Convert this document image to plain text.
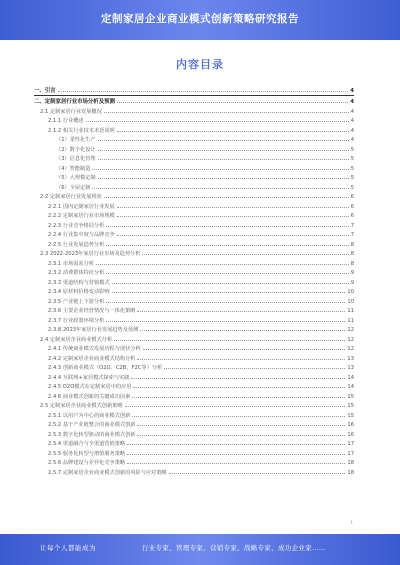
定制家居企业商业模式创新策略研究报告
内容目录
一、引言	4
二、定制家居行业市场分析及预测	4
2.1 定制家居行业发展概况	4
2.1.1 行业概述	4
2.1.2 相关行业技术术语说明	4
（1）柔性化生产	4
（2）数字化设计	5
（3）信息化管理	5
（4）智能制造	5
（5）大规模定制	5
（6）全屋定制	5
2.2 定制家居行业发展现状	6
2.2.1 国内定制家居行业发展	6
2.2.2 定制家居行业市场规模	6
2.2.3 行业竞争格局分析	7
2.2.4 行业集中度与品牌竞争	7
2.2.5 行业发展趋势分析	8
2.3 2022-2023年家居行业市场及趋势分析	8
2.3.1 市场需求分析	8
2.3.2 消费群体特征分析	9
2.3.3 渠道结构与营销模式	9
2.3.4 原材料价格变动影响	10
2.3.5 产业链上下游分析	10
2.3.6 主要企业经营情况与一体化策略	11
2.3.7 行业政策环境分析	11
2.3.8 2023年家居行业发展趋势及预测	12
2.4 定制家居企业商业模式分析	12
2.4.1 传统商业模式发展历程与现状分析	12
2.4.2 定制家居企业商业模式结构分析	13
2.4.3 创新商业模式（O2O、C2B、F2C等）分析	13
2.4.4 互联网+家居模式探索与实践	14
2.4.5 O2O模式在定制家居中的应用	14
2.4.6 商业模式创新的关键成功因素	15
2.5 定制家居企业商业模式创新策略	15
2.5.1 以用户为中心的商业模式创新	15
2.5.2 基于产业链整合的商业模式创新	16
2.5.3 数字化转型驱动的商业模式创新	16
2.5.4 渠道融合与全渠道营销策略	17
2.5.5 服务化转型与增值服务策略	17
2.5.6 品牌建设与差异化竞争策略	18
2.5.7 定制家居企业商业模式创新的风险与应对策略	18
1
让每个人都能成为	行业专家、管理专家、营销专家、战略专家、成功企业家……
